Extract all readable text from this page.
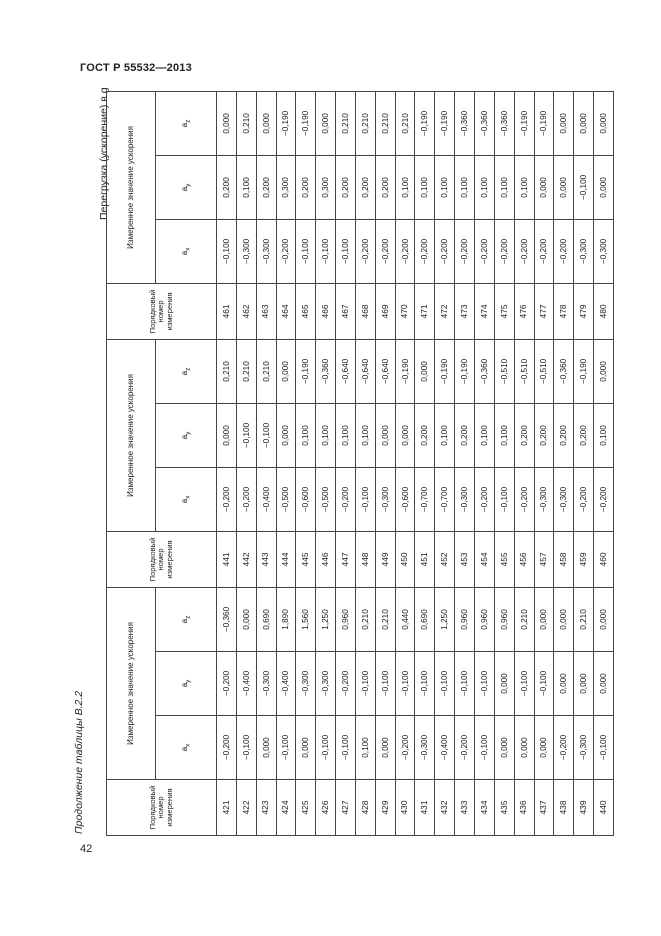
ГОСТ Р 55532—2013
42
Продолжение таблицы B.2.2
Перегрузка (ускорение) в g
Порядковый
номер
измерения	Измеренное значение ускорения			Порядковый
номер
измерения	Измеренное значение ускорения			Порядковый
номер
измерения	Измеренное значение ускорения		
	$a_x$	$a_y$	$a_z$		$a_x$	$a_y$	$a_z$		$a_x$	$a_y$	$a_z$
421	−0,200	−0,200	−0,360	441	−0,200	0,000	0,210	461	−0,100	0,200	0,000
422	−0,100	−0,400	0,000	442	−0,200	−0,100	0,210	462	−0,300	0,100	0,210
423	0,000	−0,300	0,690	443	−0,400	−0,100	0,210	463	−0,300	0,200	0,000
424	−0,100	−0,400	1,890	444	−0,500	0,000	0,000	464	−0,200	0,300	−0,190
425	0,000	−0,300	1,560	445	−0,600	0,100	−0,190	465	−0,100	0,200	−0,190
426	−0,100	−0,300	1,250	446	−0,500	0,100	−0,360	466	−0,100	0,300	0,000
427	−0,100	−0,200	0,960	447	−0,200	0,100	−0,640	467	−0,100	0,200	0,210
428	0,100	−0,100	0,210	448	−0,100	0,100	−0,640	468	−0,200	0,200	0,210
429	0,000	−0,100	0,210	449	−0,300	0,000	−0,640	469	−0,200	0,200	0,210
430	−0,200	−0,100	0,440	450	−0,600	0,000	−0,190	470	−0,200	0,100	0,210
431	−0,300	−0,100	0,690	451	−0,700	0,200	0,000	471	−0,200	0,100	−0,190
432	−0,400	−0,100	1,250	452	−0,700	0,100	−0,190	472	−0,200	0,100	−0,190
433	−0,200	−0,100	0,960	453	−0,300	0,200	−0,190	473	−0,200	0,100	−0,360
434	−0,100	−0,100	0,960	454	−0,200	0,100	−0,360	474	−0,200	0,100	−0,360
435	0,000	0,000	0,960	455	−0,100	0,100	−0,510	475	−0,200	0,100	−0,360
436	0,000	−0,100	0,210	456	−0,200	0,200	−0,510	476	−0,200	0,100	−0,190
437	0,000	−0,100	0,000	457	−0,300	0,200	−0,510	477	−0,200	0,000	−0,190
438	−0,200	0,000	0,000	458	−0,300	0,200	−0,360	478	−0,200	0,000	0,000
439	−0,300	0,000	0,210	459	−0,200	0,200	−0,190	479	−0,300	−0,100	0,000
440	−0,100	0,000	0,000	460	−0,200	0,100	0,000	480	−0,300	0,000	0,000
